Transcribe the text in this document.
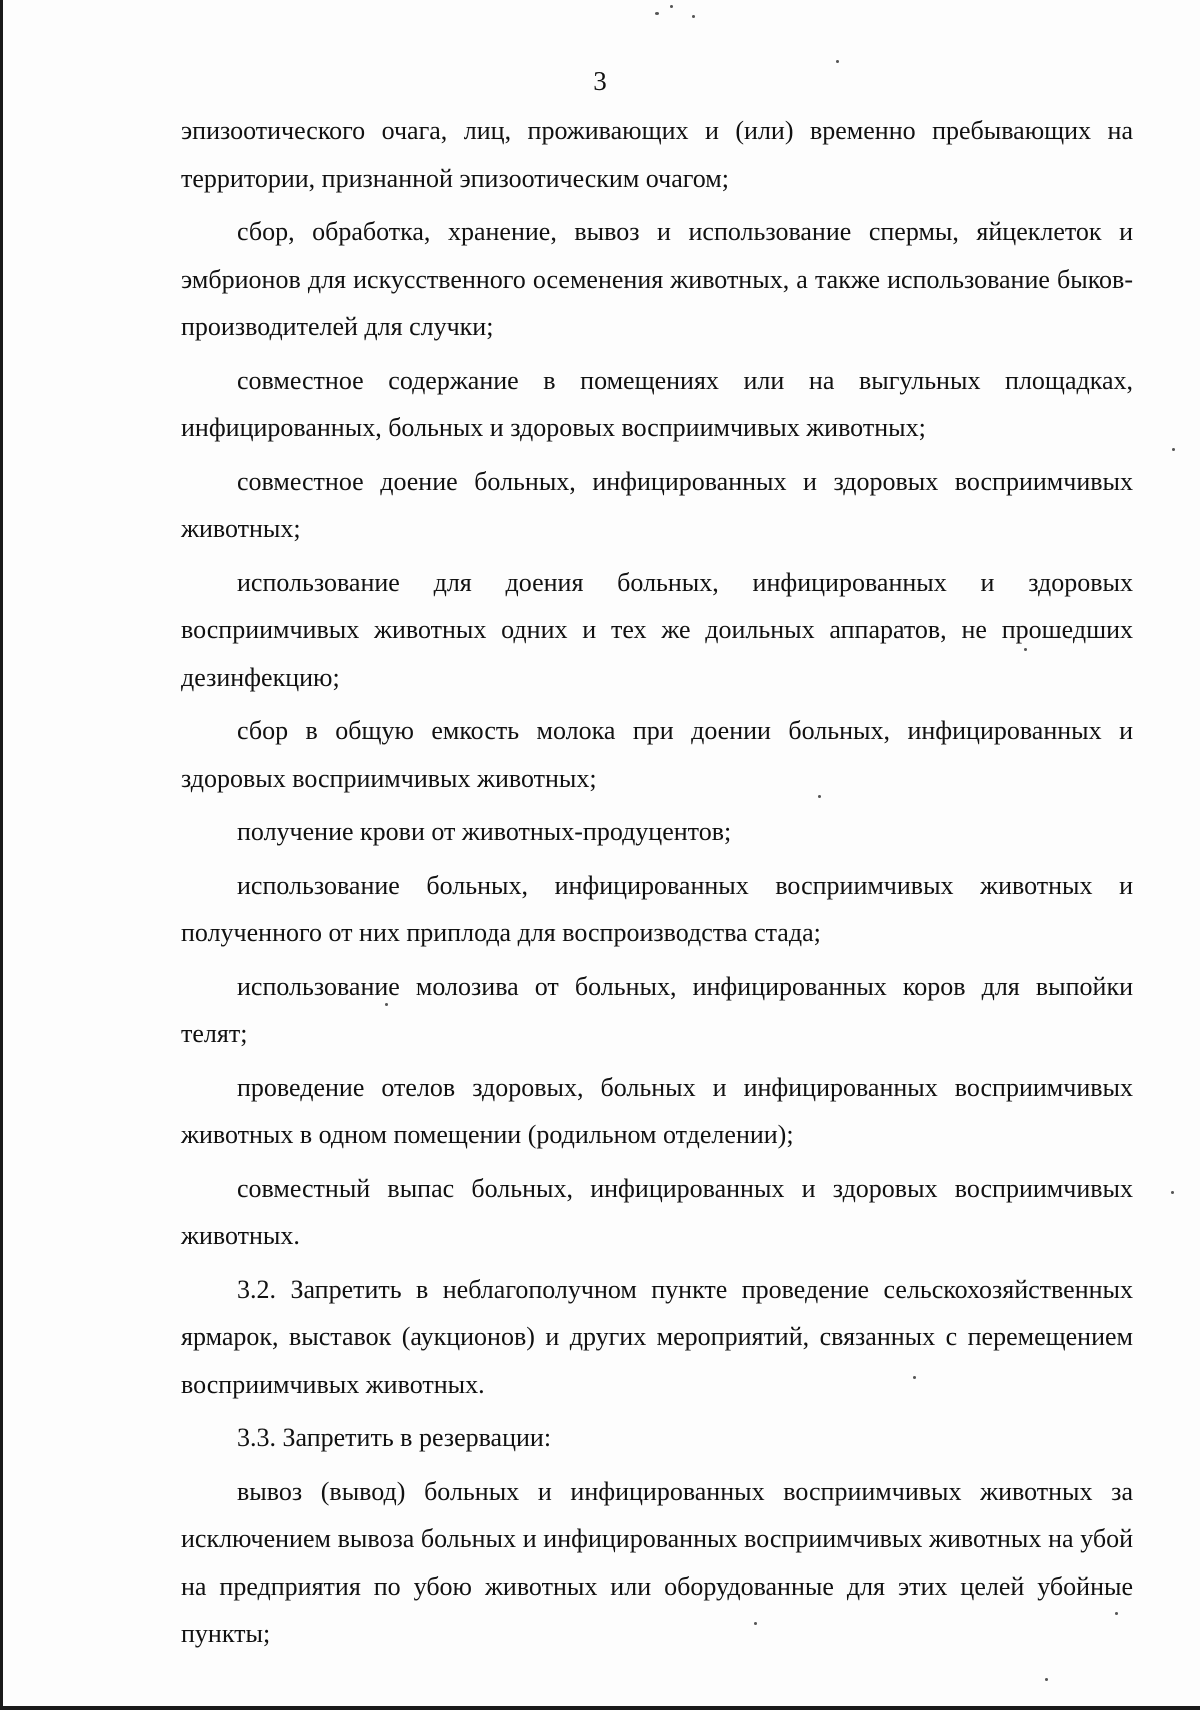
3

эпизоотического очага, лиц, проживающих и (или) временно пребывающих на территории, признанной эпизоотическим очагом;

сбор, обработка, хранение, вывоз и использование спермы, яйцеклеток и эмбрионов для искусственного осеменения животных, а также использование быков-производителей для случки;

совместное содержание в помещениях или на выгульных площадках, инфицированных, больных и здоровых восприимчивых животных;

совместное доение больных, инфицированных и здоровых восприимчивых животных;

использование для доения больных, инфицированных и здоровых восприимчивых животных одних и тех же доильных аппаратов, не прошедших дезинфекцию;

сбор в общую емкость молока при доении больных, инфицированных и здоровых восприимчивых животных;

получение крови от животных-продуцентов;

использование больных, инфицированных восприимчивых животных и полученного от них приплода для воспроизводства стада;

использование молозива от больных, инфицированных коров для выпойки телят;

проведение отелов здоровых, больных и инфицированных восприимчивых животных в одном помещении (родильном отделении);

совместный выпас больных, инфицированных и здоровых восприимчивых животных.

3.2. Запретить в неблагополучном пункте проведение сельскохозяйственных ярмарок, выставок (аукционов) и других мероприятий, связанных с перемещением восприимчивых животных.

3.3. Запретить в резервации:

вывоз (вывод) больных и инфицированных восприимчивых животных за исключением вывоза больных и инфицированных восприимчивых животных на убой на предприятия по убою животных или оборудованные для этих целей убойные пункты;
